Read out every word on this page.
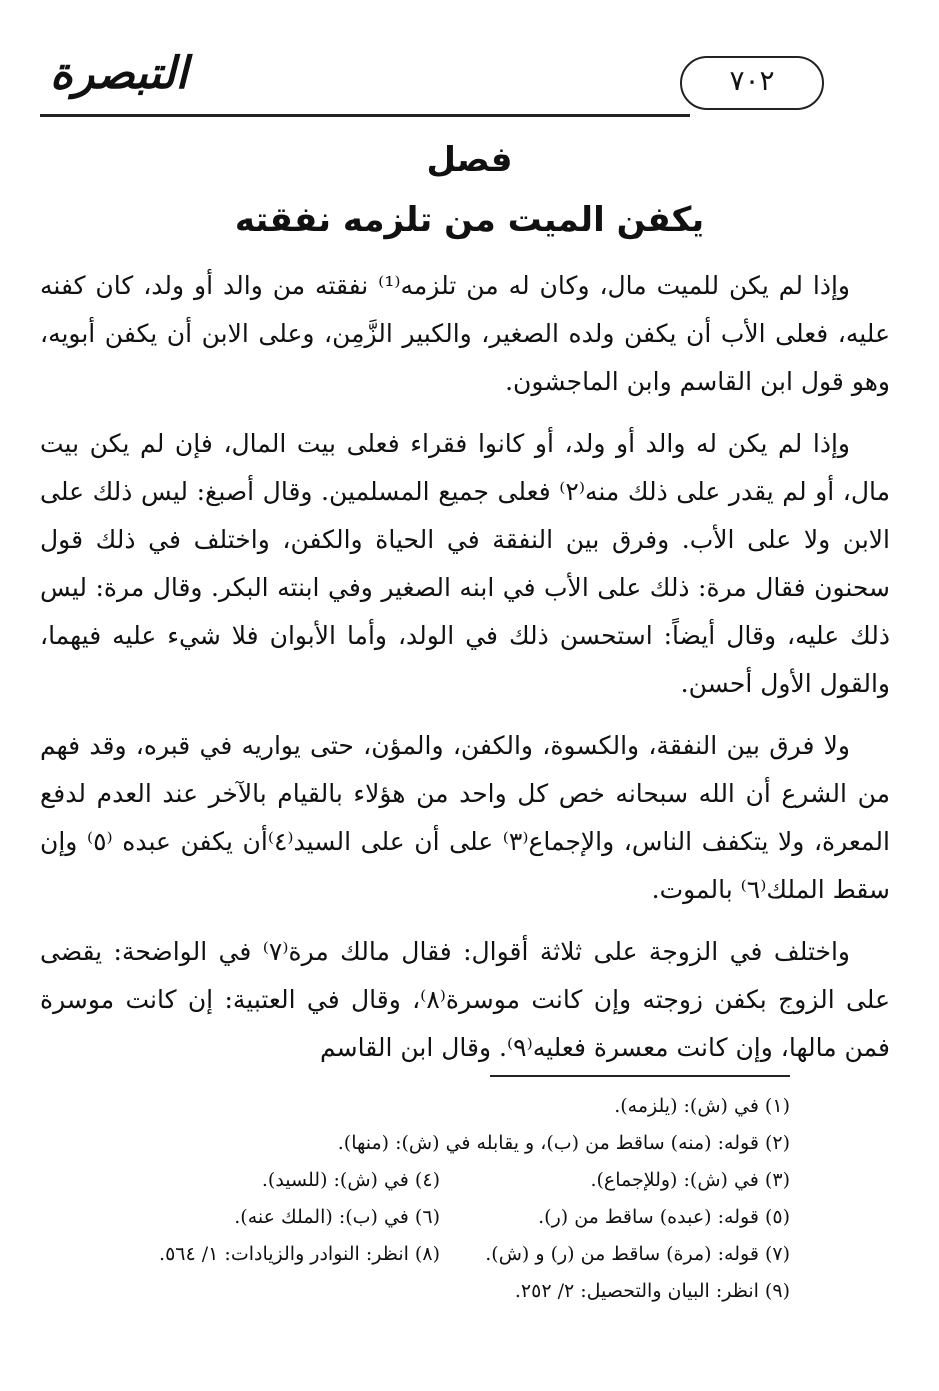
التبصرة	٧٠٢
فصل
يكفن الميت من تلزمه نفقته

وإذا لم يكن للميت مال، وكان له من تلزمه⁽¹⁾ نفقته من والد أو ولد، كان كفنه عليه، فعلى الأب أن يكفن ولده الصغير، والكبير الزَّمِن، وعلى الابن أن يكفن أبويه، وهو قول ابن القاسم وابن الماجشون.

وإذا لم يكن له والد أو ولد، أو كانوا فقراء فعلى بيت المال، فإن لم يكن بيت مال، أو لم يقدر على ذلك منه⁽٢⁾ فعلى جميع المسلمين. وقال أصبغ: ليس ذلك على الابن ولا على الأب. وفرق بين النفقة في الحياة والكفن، واختلف في ذلك قول سحنون فقال مرة: ذلك على الأب في ابنه الصغير وفي ابنته البكر. وقال مرة: ليس ذلك عليه، وقال أيضاً: استحسن ذلك في الولد، وأما الأبوان فلا شيء عليه فيهما، والقول الأول أحسن.

ولا فرق بين النفقة، والكسوة، والكفن، والمؤن، حتى يواريه في قبره، وقد فهم من الشرع أن الله سبحانه خص كل واحد من هؤلاء بالقيام بالآخر عند العدم لدفع المعرة، ولا يتكفف الناس، والإجماع⁽٣⁾ على أن على السيد⁽٤⁾أن يكفن عبده ⁽٥⁾ وإن سقط الملك⁽٦⁾ بالموت.

واختلف في الزوجة على ثلاثة أقوال: فقال مالك مرة⁽٧⁾ في الواضحة: يقضى على الزوج بكفن زوجته وإن كانت موسرة⁽٨⁾، وقال في العتبية: إن كانت موسرة فمن مالها، وإن كانت معسرة فعليه⁽٩⁾. وقال ابن القاسم

(١) في (ش): (يلزمه).
(٢) قوله: (منه) ساقط من (ب)، و يقابله في (ش): (منها).
(٣) في (ش): (وللإجماع).
(٤) في (ش): (للسيد).
(٥) قوله: (عبده) ساقط من (ر).
(٦) في (ب): (الملك عنه).
(٧) قوله: (مرة) ساقط من (ر) و (ش).
(٨) انظر: النوادر والزيادات: ١/ ٥٦٤.
(٩) انظر: البيان والتحصيل: ٢/ ٢٥٢.
